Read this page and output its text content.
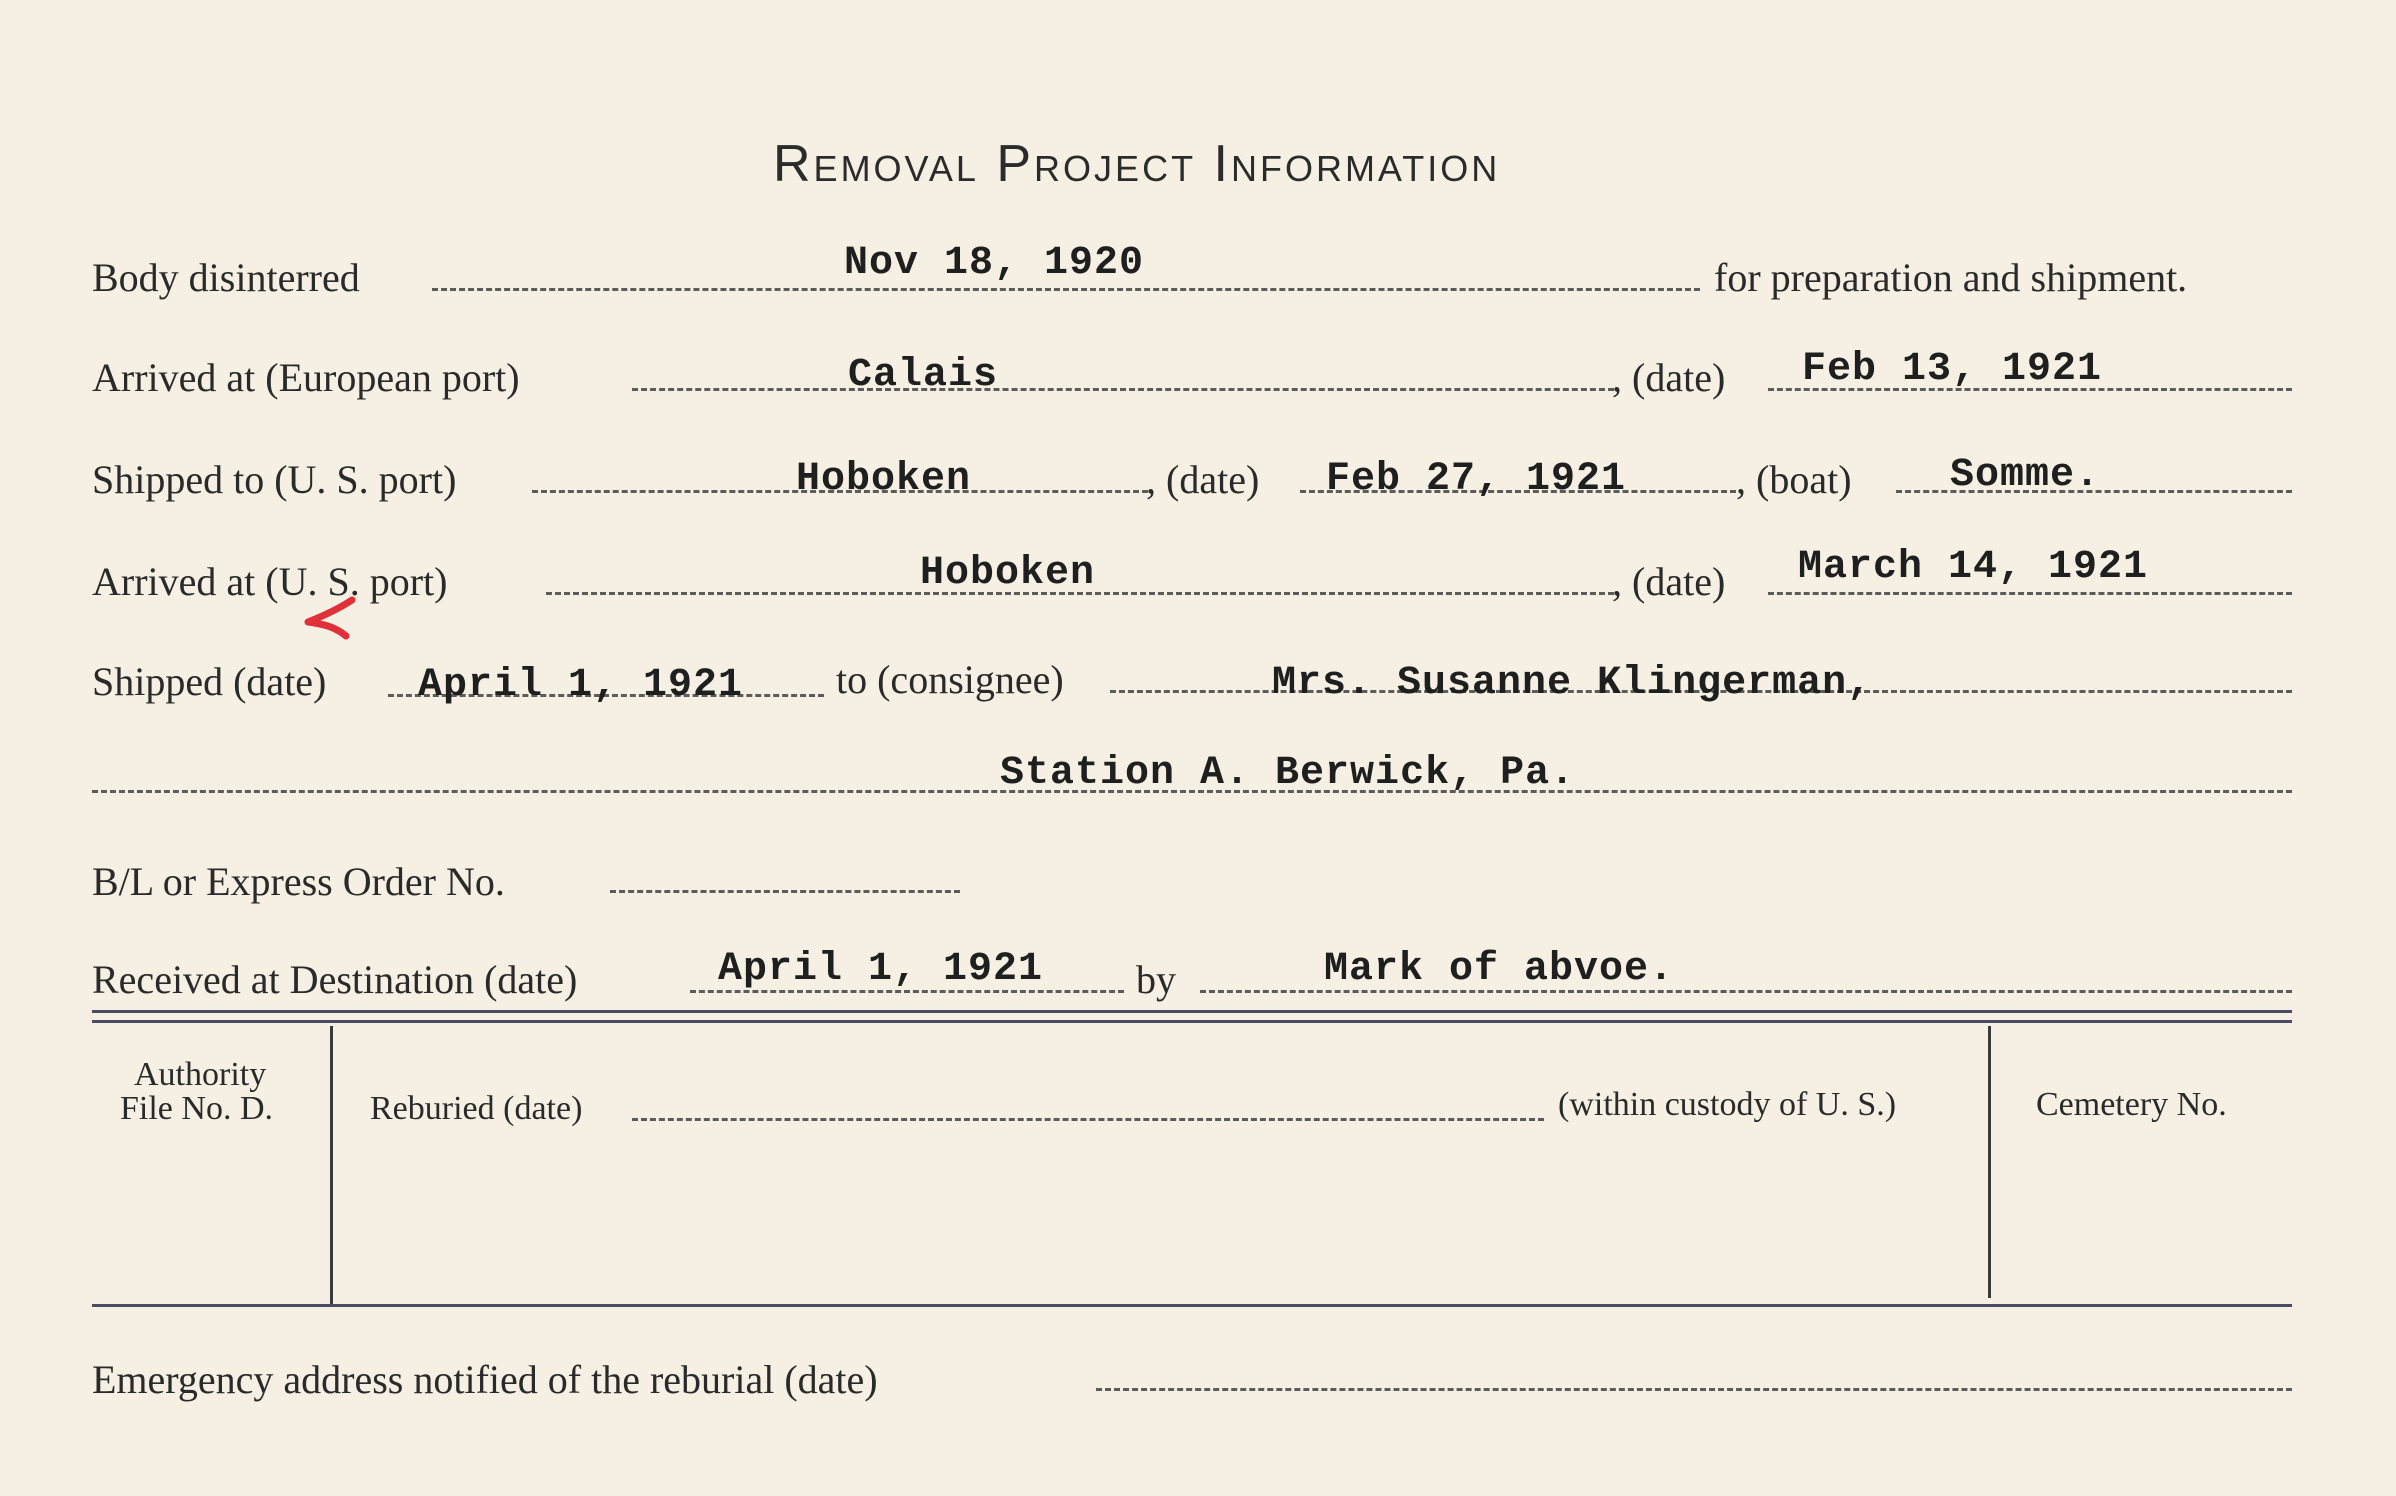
Removal Project Information
Body disinterred	Nov 18, 1920	for preparation and shipment.
Arrived at (European port)	Calais	, (date) Feb 13, 1921
Shipped to (U. S. port)	Hoboken	, (date) Feb 27, 1921	, (boat) Somme.
Arrived at (U. S. port)	Hoboken	, (date) March 14, 1921
Shipped (date) April 1, 1921 to (consignee)	Mrs. Susanne Klingerman,
Station A. Berwick, Pa.
B/L or Express Order No.
Received at Destination (date)	April 1, 1921 by	Mark of abvoe.
Authority
File No. D.	Reburied (date)	(within custody of U. S.)	Cemetery No.
Emergency address notified of the reburial (date)
